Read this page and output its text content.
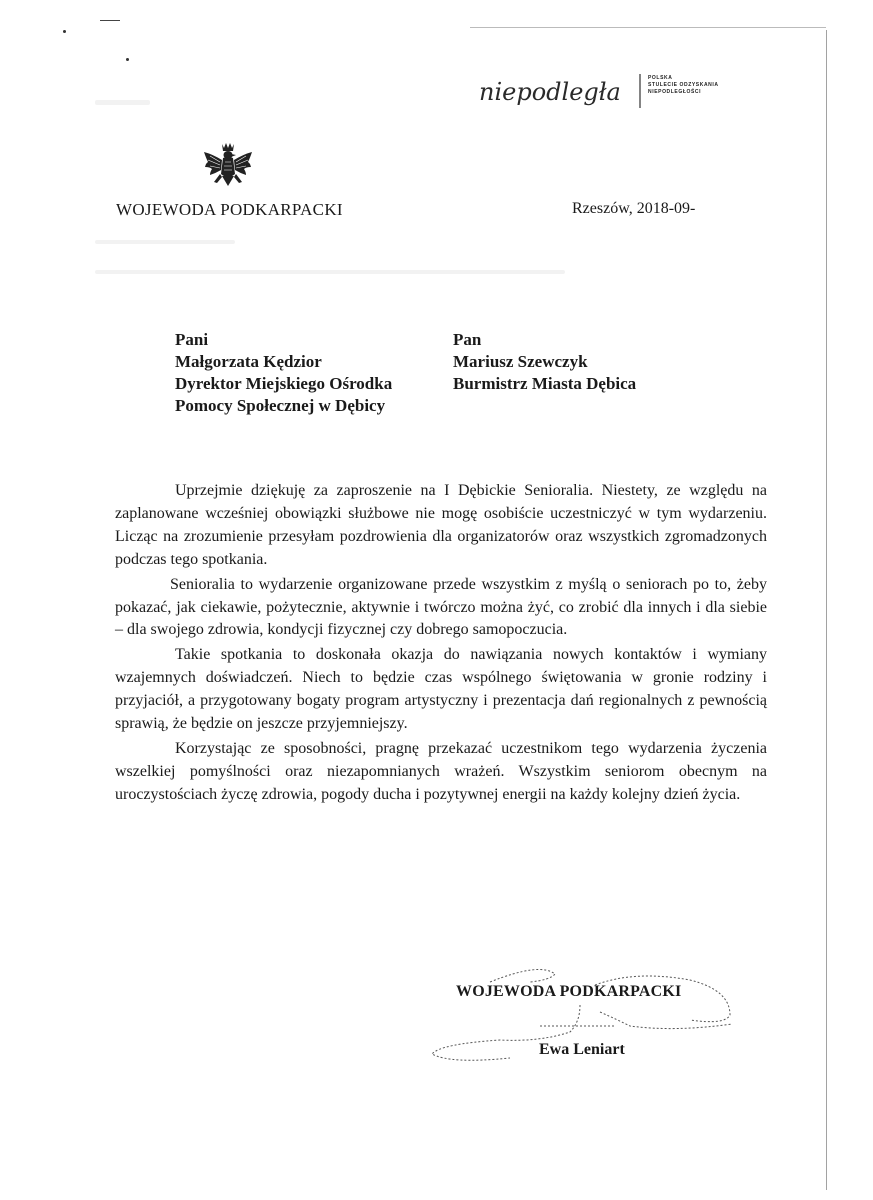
niepodległa	POLSKA
STULECIE ODZYSKANIA
NIEPODLEGŁOŚCI
WOJEWODA PODKARPACKI	Rzeszów, 2018-09-
Pani
Małgorzata Kędzior
Dyrektor Miejskiego Ośrodka
Pomocy Społecznej w Dębicy
Pan
Mariusz Szewczyk
Burmistrz Miasta Dębica

Uprzejmie dziękuję za zaproszenie na I Dębickie Senioralia. Niestety, ze względu na zaplanowane wcześniej obowiązki służbowe nie mogę osobiście uczestniczyć w tym wydarzeniu. Licząc na zrozumienie przesyłam pozdrowienia dla organizatorów oraz wszystkich zgromadzonych podczas tego spotkania.

Senioralia to wydarzenie organizowane przede wszystkim z myślą o seniorach po to, żeby pokazać, jak ciekawie, pożytecznie, aktywnie i twórczo można żyć, co zrobić dla innych i dla siebie – dla swojego zdrowia, kondycji fizycznej czy dobrego samopoczucia.

Takie spotkania to doskonała okazja do nawiązania nowych kontaktów i wymiany wzajemnych doświadczeń. Niech to będzie czas wspólnego świętowania w gronie rodziny i przyjaciół, a przygotowany bogaty program artystyczny i prezentacja dań regionalnych z pewnością sprawią, że będzie on jeszcze przyjemniejszy.

Korzystając ze sposobności, pragnę przekazać uczestnikom tego wydarzenia życzenia wszelkiej pomyślności oraz niezapomnianych wrażeń. Wszystkim seniorom obecnym na uroczystościach życzę zdrowia, pogody ducha i pozytywnej energii na każdy kolejny dzień życia.

WOJEWODA PODKARPACKI
Ewa Leniart
